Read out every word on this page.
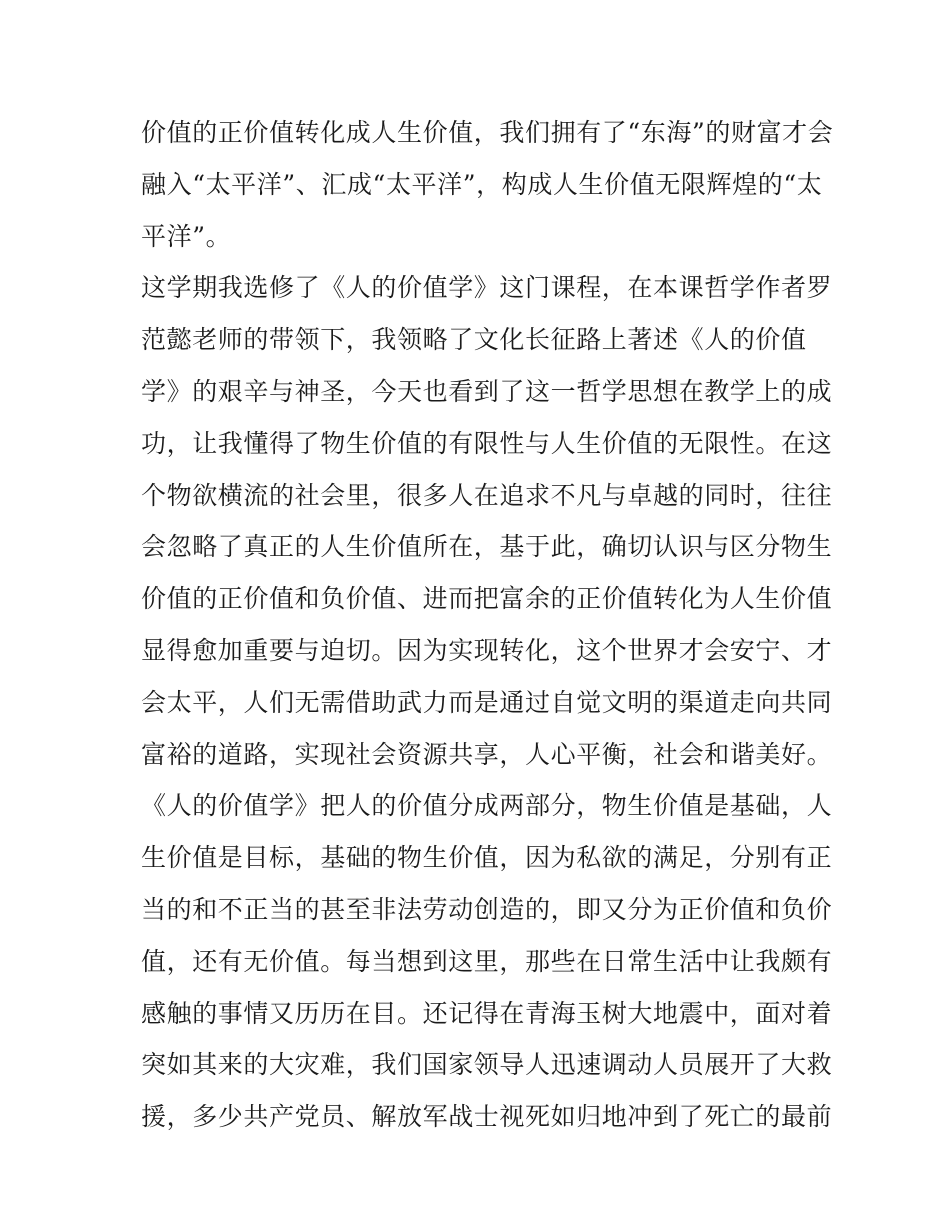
价值的正价值转化成人生价值，我们拥有了“东海”的财富才会
融入“太平洋”、汇成“太平洋”，构成人生价值无限辉煌的“太
平洋”。
这学期我选修了《人的价值学》这门课程，在本课哲学作者罗
范懿老师的带领下，我领略了文化长征路上著述《人的价值
学》的艰辛与神圣，今天也看到了这一哲学思想在教学上的成
功，让我懂得了物生价值的有限性与人生价值的无限性。在这
个物欲横流的社会里，很多人在追求不凡与卓越的同时，往往
会忽略了真正的人生价值所在，基于此，确切认识与区分物生
价值的正价值和负价值、进而把富余的正价值转化为人生价值
显得愈加重要与迫切。因为实现转化，这个世界才会安宁、才
会太平，人们无需借助武力而是通过自觉文明的渠道走向共同
富裕的道路，实现社会资源共享，人心平衡，社会和谐美好。
《人的价值学》把人的价值分成两部分，物生价值是基础，人
生价值是目标，基础的物生价值，因为私欲的满足，分别有正
当的和不正当的甚至非法劳动创造的，即又分为正价值和负价
值，还有无价值。每当想到这里，那些在日常生活中让我颇有
感触的事情又历历在目。还记得在青海玉树大地震中，面对着
突如其来的大灾难，我们国家领导人迅速调动人员展开了大救
援，多少共产党员、解放军战士视死如归地冲到了死亡的最前
